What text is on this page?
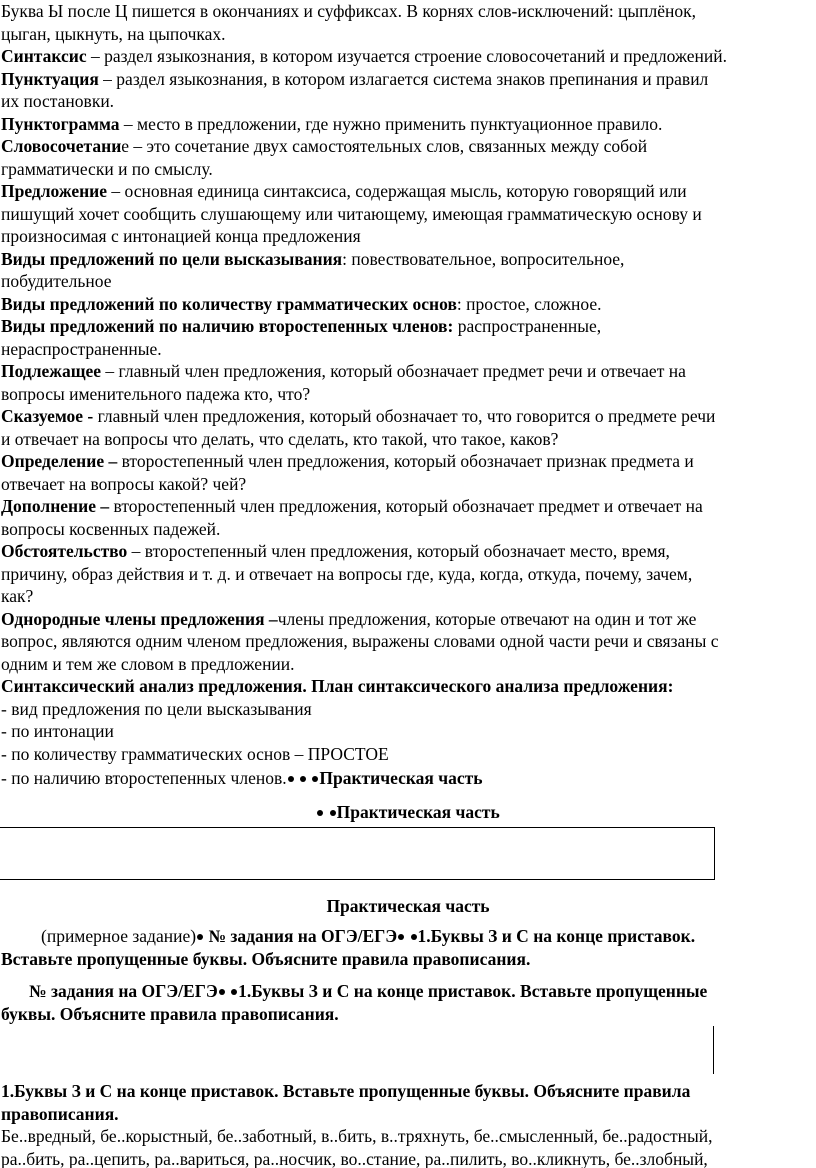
Буква Ы после Ц пишется в окончаниях и суффиксах. В корнях слов-исключений: цыплёнок,
цыган, цыкнуть, на цыпочках.
Синтаксис – раздел языкознания, в котором изучается строение словосочетаний и предложений.
Пунктуация – раздел языкознания, в котором излагается система знаков препинания и правил
их постановки.
Пунктограмма – место в предложении, где нужно применить пунктуационное правило.
Словосочетание – это сочетание двух самостоятельных слов, связанных между собой
грамматически и по смыслу.
Предложение – основная единица синтаксиса, содержащая мысль, которую говорящий или
пишущий хочет сообщить слушающему или читающему, имеющая грамматическую основу и
произносимая с интонацией конца предложения
Виды предложений по цели высказывания: повествовательное, вопросительное,
побудительное
Виды предложений по количеству грамматических основ: простое, сложное.
Виды предложений по наличию второстепенных членов: распространенные,
нераспространенные.
Подлежащее – главный член предложения, который обозначает предмет речи и отвечает на
вопросы именительного падежа кто, что?
Сказуемое - главный член предложения, который обозначает то, что говорится о предмете речи
и отвечает на вопросы что делать, что сделать, кто такой, что такое, каков?
Определение – второстепенный член предложения, который обозначает признак предмета и
отвечает на вопросы какой? чей?
Дополнение – второстепенный член предложения, который обозначает предмет и отвечает на
вопросы косвенных падежей.
Обстоятельство – второстепенный член предложения, который обозначает место, время,
причину, образ действия и т. д. и отвечает на вопросы где, куда, когда, откуда, почему, зачем,
как?
Однородные члены предложения –члены предложения, которые отвечают на один и тот же
вопрос, являются одним членом предложения, выражены словами одной части речи и связаны с
одним и тем же словом в предложении.
Синтаксический анализ предложения. План синтаксического анализа предложения:
- вид предложения по цели высказывания
- по интонации
- по количеству грамматических основ – ПРОСТОЕ
- по наличию второстепенных членов. Практическая часть
Практическая часть
Практическая часть
(примерное задание) № задания на ОГЭ/ЕГЭ 1.Буквы З и С на конце приставок.
Вставьте пропущенные буквы. Объясните правила правописания.
№ задания на ОГЭ/ЕГЭ 1.Буквы З и С на конце приставок. Вставьте пропущенные
буквы. Объясните правила правописания.
1.Буквы З и С на конце приставок. Вставьте пропущенные буквы. Объясните правила
правописания.
Бе..вредный, бе..корыстный, бе..заботный, в..бить, в..тряхнуть, бе..смысленный, бе..радостный,
ра..бить, ра..цепить, ра..вариться, ра..носчик, во..стание, ра..пилить, во..кликнуть, бе..злобный,
